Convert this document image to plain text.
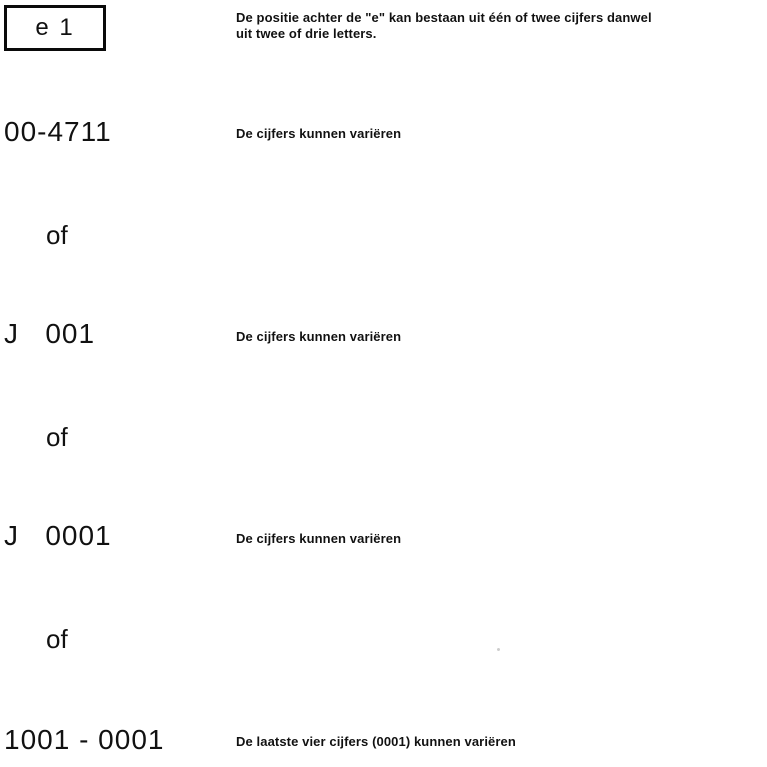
e 1	De positie achter de "e" kan bestaan uit één of twee cijfers danwel
uit twee of drie letters.
00-4711	De cijfers kunnen variëren
of
J   001	De cijfers kunnen variëren
of
J   0001	De cijfers kunnen variëren
of
1001 - 0001	De laatste vier cijfers (0001) kunnen variëren
